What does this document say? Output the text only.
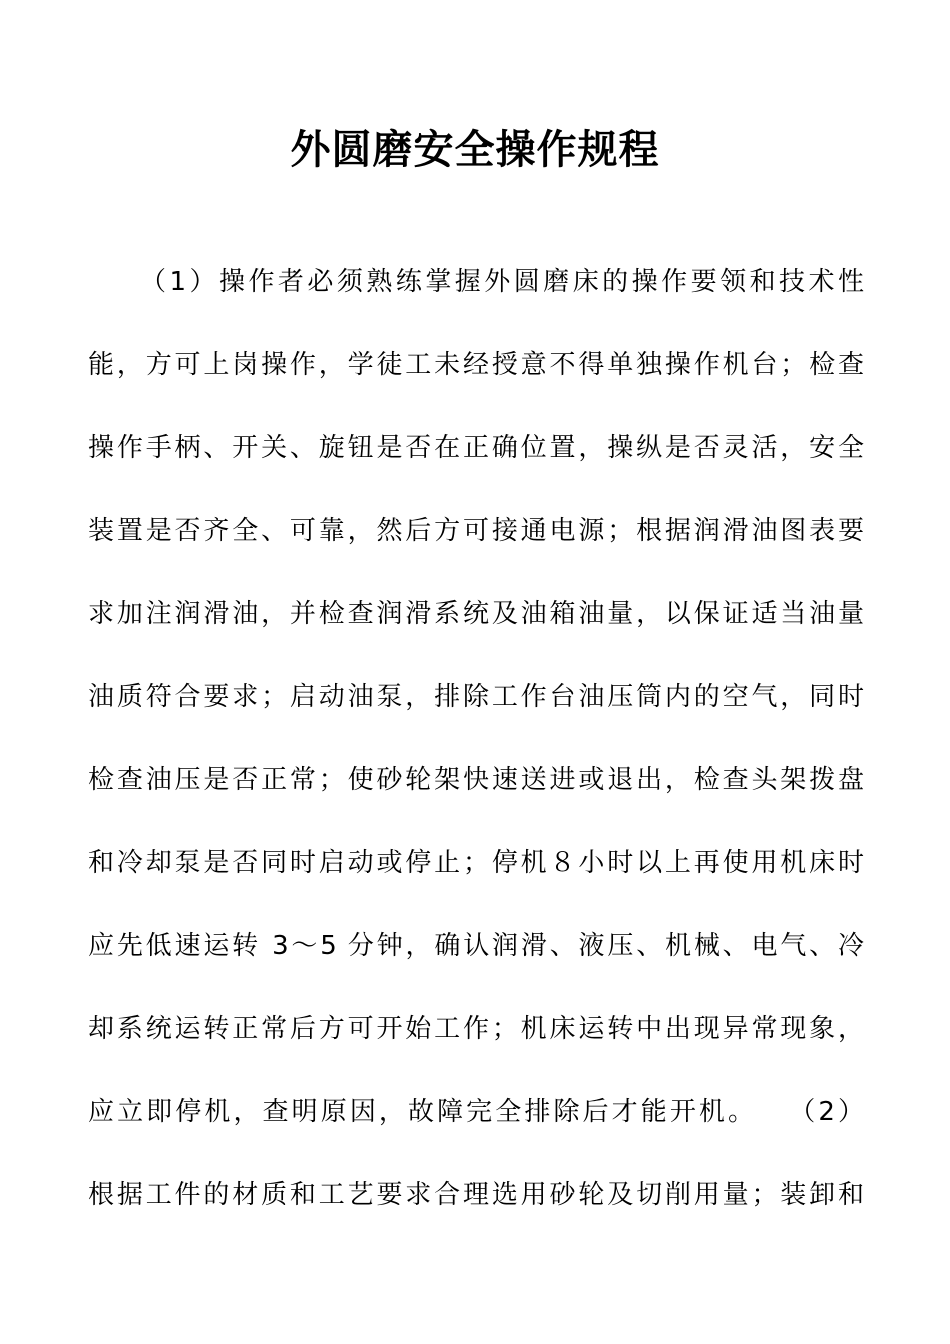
外圆磨安全操作规程
（1）操作者必须熟练掌握外圆磨床的操作要领和技术性
能，方可上岗操作，学徒工未经授意不得单独操作机台；检查
操作手柄、开关、旋钮是否在正确位置，操纵是否灵活，安全
装置是否齐全、可靠，然后方可接通电源；根据润滑油图表要
求加注润滑油，并检查润滑系统及油箱油量，以保证适当油量
油质符合要求；启动油泵，排除工作台油压筒内的空气，同时
检查油压是否正常；使砂轮架快速送进或退出，检查头架拨盘
和冷却泵是否同时启动或停止；停机８小时以上再使用机床时
应先低速运转 3～5 分钟，确认润滑、液压、机械、电气、冷
却系统运转正常后方可开始工作；机床运转中出现异常现象，
应立即停机，查明原因，故障完全排除后才能开机。　　（2）
根据工件的材质和工艺要求合理选用砂轮及切削用量；装卸和
